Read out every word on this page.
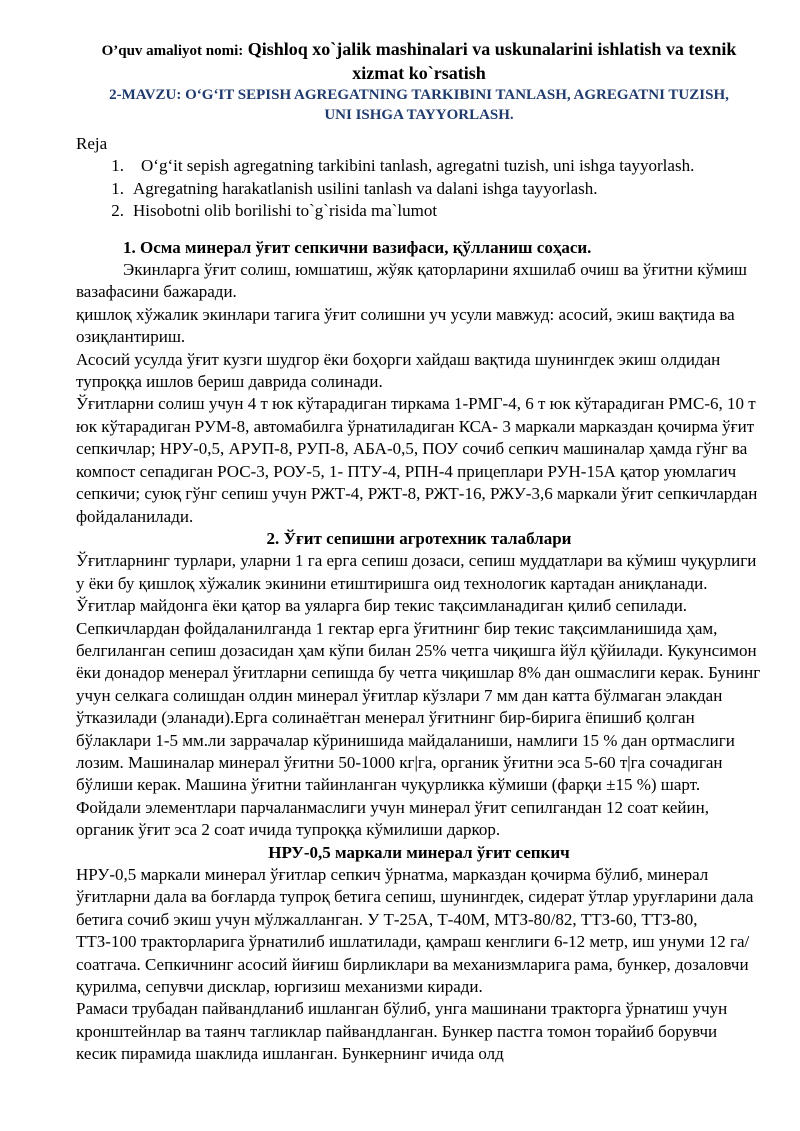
O’quv amaliyot nomi: Qishloq xo`jalik mashinalari va uskunalarini ishlatish va texnik xizmat ko`rsatish
2-MAVZU: O‘G‘IT SEPISH AGREGATNING TARKIBINI TANLASH, AGREGATNI TUZISH,
UNI ISHGA TAYYORLASH.
Reja
1.	O‘g‘it sepish agregatning tarkibini tanlash, agregatni tuzish, uni ishga tayyorlash.
1. Agregatning harakatlanish usilini tanlash va dalani ishga tayyorlash.
2. Hisobotni olib borilishi to`g`risida ma`lumot
1. Осма минерал ўғит сепкични вазифаси, қўлланиш соҳаси.

Экинларга ўғит солиш, юмшатиш, жўяк қаторларини яхшилаб очиш ва ўғитни кўмиш вазафасини бажаради.

қишлоқ хўжалик экинлари тагига ўғит солишни уч усули мавжуд: асосий, экиш вақтида ва озиқлантириш.

Асосий усулда ўғит кузги шудгор ёки боҳорги хайдаш вақтида шунингдек экиш олдидан тупроққа ишлов бериш даврида солинади.

Ўғитларни солиш учун 4 т юк кўтарадиган тиркама 1-РМГ-4, 6 т юк кўтарадиган РМС-6, 10 т юк кўтарадиган РУМ-8, автомабилга ўрнатиладиган КСА- 3 маркали марказдан қочирма ўғит сепкичлар; НРУ-0,5, АРУП-8, РУП-8, АБА-0,5, ПОУ сочиб сепкич машиналар ҳамда гўнг ва компост сепадиган РОС-3, РОУ-5, 1- ПТУ-4, РПН-4 прицеплари РУН-15А қатор уюмлагич сепкичи; суюқ гўнг сепиш учун РЖТ-4, РЖТ-8, РЖТ-16, РЖУ-3,6 маркали ўғит сепкичлардан фойдаланилади.

2. Ўғит сепишни агротехник талаблари

Ўғитларнинг турлари, уларни 1 га ерга сепиш дозаси, сепиш муддатлари ва кўмиш чуқурлиги у ёки бу қишлоқ хўжалик экинини етиштиришга оид технологик картадан аниқланади.

Ўғитлар майдонга ёки қатор ва уяларга бир текис тақсимланадиган қилиб сепилади. Сепкичлардан фойдаланилганда 1 гектар ерга ўғитнинг бир текис тақсимланишида ҳам, белгиланган сепиш дозасидан ҳам кўпи билан 25% четга чиқишга йўл қўйилади. Кукунсимон ёки донадор менерал ўғитларни сепишда бу четга чиқишлар 8% дан ошмаслиги керак. Бунинг учун селкага солишдан олдин минерал ўғитлар кўзлари 7 мм дан катта бўлмаган элакдан ўтказилади (эланади).Ерга солинаётган менерал ўғитнинг бир-бирига ёпишиб қолган бўлаклари 1-5 мм.ли заррачалар кўринишида майдаланиши, намлиги 15 % дан ортмаслиги лозим. Машиналар минерал ўғитни 50-1000 кг|га, органик ўғитни эса 5-60 т|га сочадиган бўлиши керак. Машина ўғитни тайинланган чуқурликка кўмиши (фарқи ±15 %) шарт. Фойдали элементлари парчаланмаслиги учун минерал ўғит сепилгандан 12 соат кейин, органик ўғит эса 2 соат ичида тупроққа кўмилиши даркор.

НРУ-0,5 маркали минерал ўғит сепкич

НРУ-0,5 маркали минерал ўғитлар сепкич ўрнатма, марказдан қочирма бўлиб, минерал ўғитларни дала ва боғларда тупроқ бетига сепиш, шунингдек, сидерат ўтлар уруғларини дала бетига сочиб экиш учун мўлжалланган. У Т-25А, Т-40М, МТЗ-80/82, ТТЗ-60, ТТЗ-80, ТТЗ-100 тракторларига ўрнатилиб ишлатилади, қамраш кенглиги 6-12 метр, иш унуми 12 га/соатгача. Сепкичнинг асосий йиғиш бирликлари ва механизмларига рама, бункер, дозаловчи қурилма, сепувчи дисклар, юргизиш механизми киради.

Рамаси трубадан пайвандланиб ишланган бўлиб, унга машинани тракторга ўрнатиш учун кронштейнлар ва таянч тагликлар пайвандланган. Бункер пастга томон торайиб борувчи кесик пирамида шаклида ишланган. Бункернинг ичида олд
